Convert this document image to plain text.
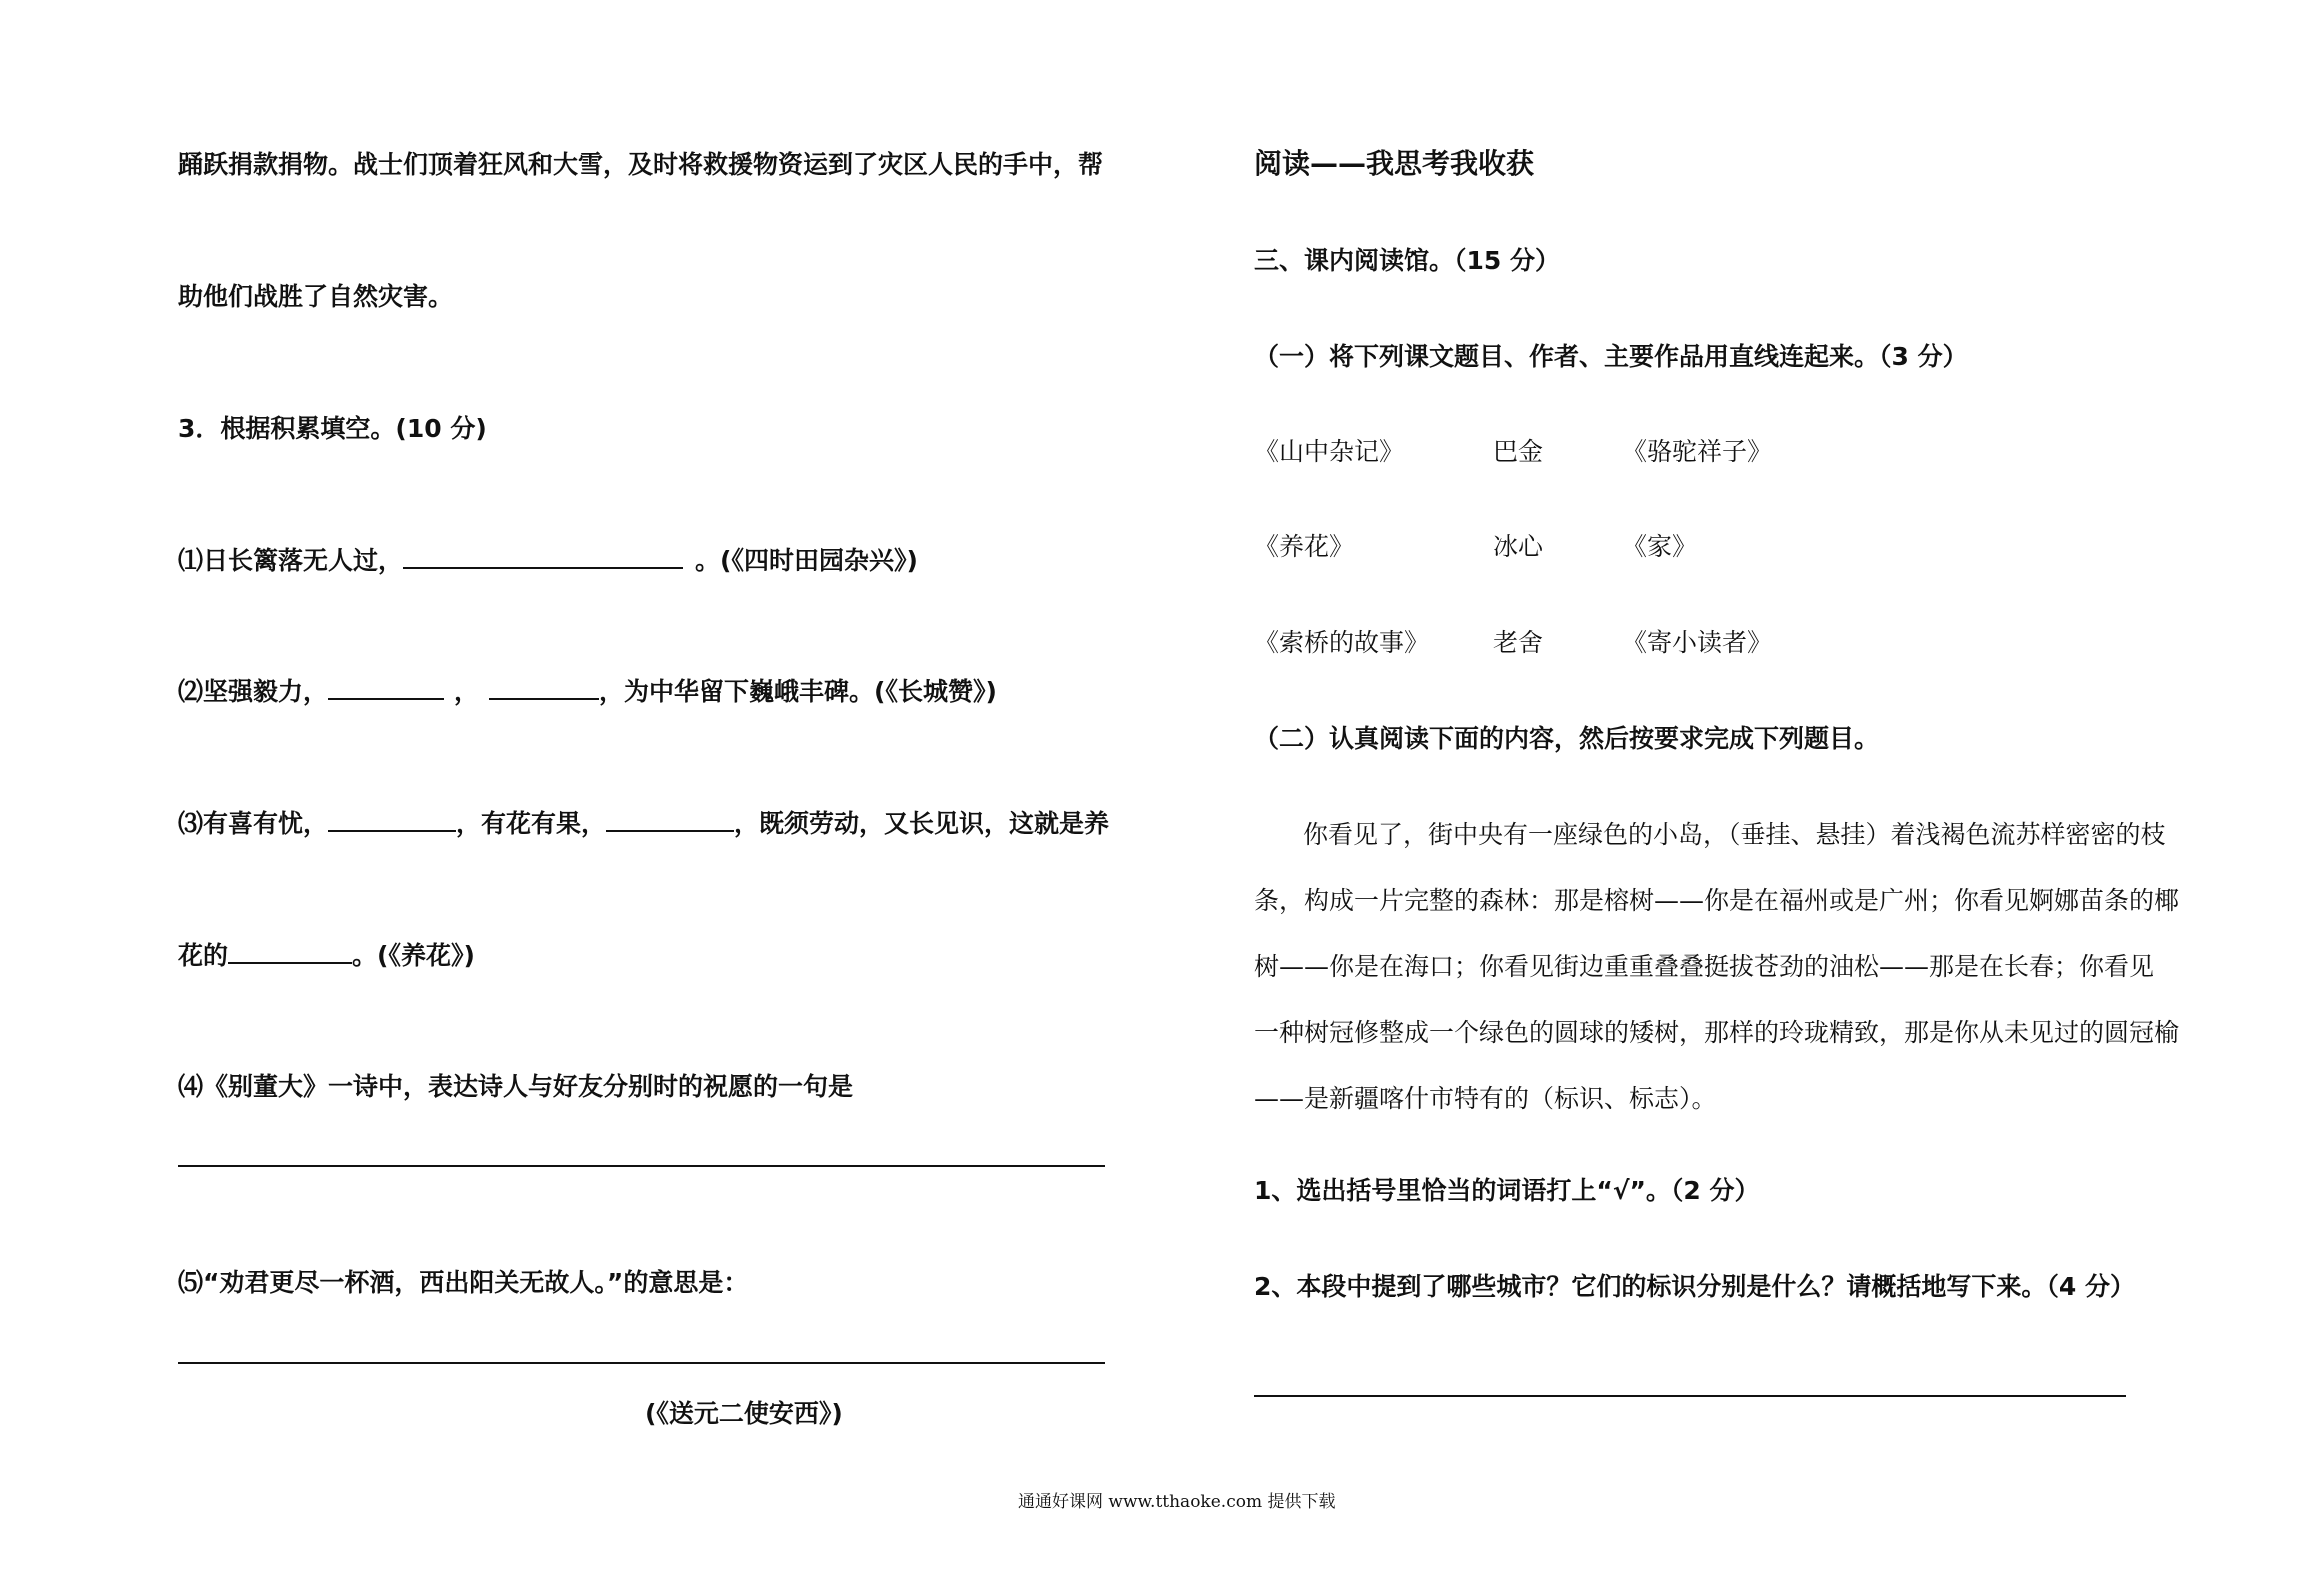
踊跃捐款捐物。战士们顶着狂风和大雪，及时将救援物资运到了灾区人民的手中，帮
助他们战胜了自然灾害。
3．根据积累填空。(10 分)
⑴日长篱落无人过，	。(《四时田园杂兴》)
⑵坚强毅力，	，	，为中华留下巍峨丰碑。(《长城赞》)
⑶有喜有忧，	，有花有果，	，既须劳动，又长见识，这就是养
花的	。(《养花》)
⑷《别董大》一诗中，表达诗人与好友分别时的祝愿的一句是
⑸“劝君更尽一杯酒，西出阳关无故人。”的意思是：
(《送元二使安西》)
阅读——我思考我收获
三、课内阅读馆。（15 分）
（一）将下列课文题目、作者、主要作品用直线连起来。（3 分）
《山中杂记》	巴金	《骆驼祥子》
《养花》	冰心	《家》
《索桥的故事》	老舍	《寄小读者》
（二）认真阅读下面的内容，然后按要求完成下列题目。
你看见了，街中央有一座绿色的小岛，（垂挂、悬挂）着浅褐色流苏样密密的枝
条，构成一片完整的森林：那是榕树——你是在福州或是广州；你看见婀娜苗条的椰
树——你是在海口；你看见街边重重叠叠挺拔苍劲的油松——那是在长春；你看见
一种树冠修整成一个绿色的圆球的矮树，那样的玲珑精致，那是你从未见过的圆冠榆
——是新疆喀什市特有的（标识、标志）。
1、选出括号里恰当的词语打上“√”。（2 分）
2、本段中提到了哪些城市？它们的标识分别是什么？请概括地写下来。（4 分）
通通好课网 www.tthaoke.com 提供下载
